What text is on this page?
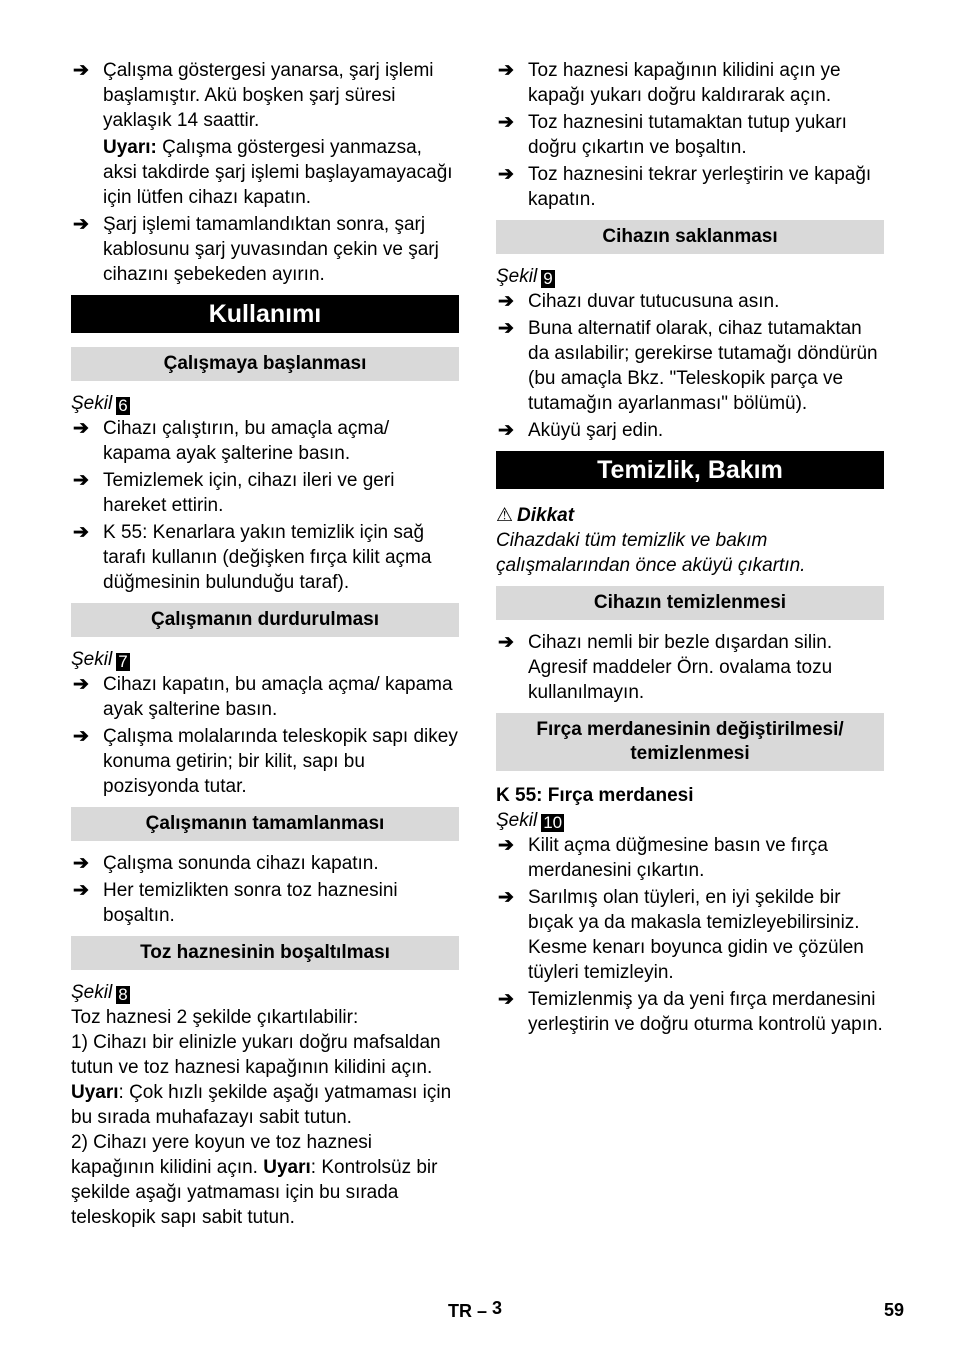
➔ Çalışma göstergesi yanarsa, şarj işlemi başlamıştır. Akü boşken şarj süresi yaklaşık 14 saattir.
Uyarı: Çalışma göstergesi yanmazsa, aksi takdirde şarj işlemi başlayamayacağı için lütfen cihazı kapatın.
➔ Şarj işlemi tamamlandıktan sonra, şarj kablosunu şarj yuvasından çekin ve şarj cihazını şebekeden ayırın.
Kullanımı
Çalışmaya başlanması

Şekil 6

➔ Cihazı çalıştırın, bu amaçla açma/ kapama ayak şalterine basın.
➔ Temizlemek için, cihazı ileri ve geri hareket ettirin.
➔ K 55: Kenarlara yakın temizlik için sağ tarafı kullanın (değişken fırça kilit açma düğmesinin bulunduğu taraf).
Çalışmanın durdurulması

Şekil 7

➔ Cihazı kapatın, bu amaçla açma/ kapama ayak şalterine basın.
➔ Çalışma molalarında teleskopik sapı dikey konuma getirin; bir kilit, sapı bu pozisyonda tutar.
Çalışmanın tamamlanması
➔ Çalışma sonunda cihazı kapatın.
➔ Her temizlikten sonra toz haznesini boşaltın.
Toz haznesinin boşaltılması

Şekil 8

Toz haznesi 2 şekilde çıkartılabilir:

1) Cihazı bir elinizle yukarı doğru mafsaldan tutun ve toz haznesi kapağının kilidini açın. Uyarı: Çok hızlı şekilde aşağı yatmaması için bu sırada muhafazayı sabit tutun.

2) Cihazı yere koyun ve toz haznesi kapağının kilidini açın. Uyarı: Kontrolsüz bir şekilde aşağı yatmaması için bu sırada teleskopik sapı sabit tutun.

➔ Toz haznesi kapağının kilidini açın ye kapağı yukarı doğru kaldırarak açın.
➔ Toz haznesini tutamaktan tutup yukarı doğru çıkartın ve boşaltın.
➔ Toz haznesini tekrar yerleştirin ve kapağı kapatın.
Cihazın saklanması

Şekil 9

➔ Cihazı duvar tutucusuna asın.
➔ Buna alternatif olarak, cihaz tutamaktan da asılabilir; gerekirse tutamağı döndürün (bu amaçla Bkz. "Teleskopik parça ve tutamağın ayarlanması" bölümü).
➔ Aküyü şarj edin.
Temizlik, Bakım

⚠ Dikkat

Cihazdaki tüm temizlik ve bakım çalışmalarından önce aküyü çıkartın.

Cihazın temizlenmesi
➔ Cihazı nemli bir bezle dışardan silin. Agresif maddeler Örn. ovalama tozu kullanılmayın.
Fırça merdanesinin değiştirilmesi/ temizlenmesi

K 55: Fırça merdanesi

Şekil 10

➔ Kilit açma düğmesine basın ve fırça merdanesini çıkartın.
➔ Sarılmış olan tüyleri, en iyi şekilde bir bıçak ya da makasla temizleyebilirsiniz. Kesme kenarı boyunca gidin ve çözülen tüyleri temizleyin.
➔ Temizlenmiş ya da yeni fırça merdanesini yerleştirin ve doğru oturma kontrolü yapın.
TR – 3	59
